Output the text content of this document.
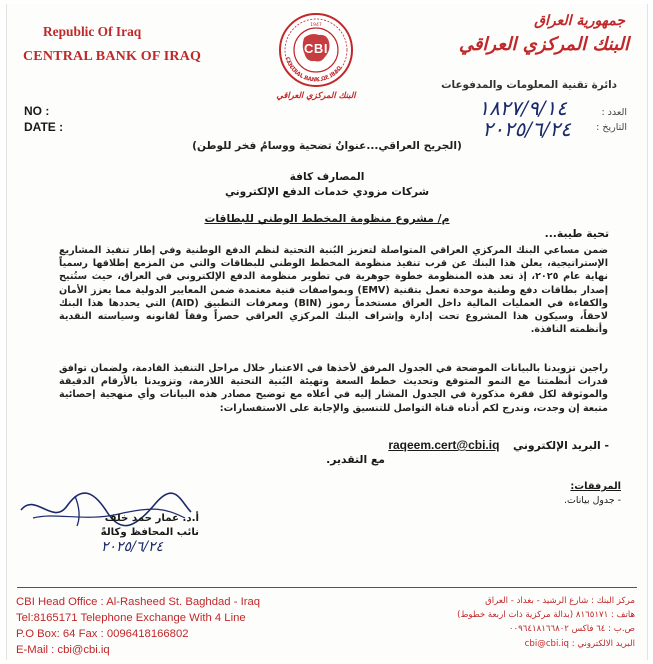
Republic Of Iraq
CENTRAL BANK OF IRAQ
جمهورية العراق
البنك المركزي العراقي
دائرة تقنية المعلومات والمدفوعات
CENTRAL BANK OF IRAQ
1947
CBI
البنك المركزي العراقي
NO :
DATE :
العدد :
التاريخ :
١٨٢٧/٩/١٤
٢٠٢٥/٦/٢٤
(الجريح العراقي...عنوانُ تضحية ووسامُ فخر للوطن)
المصارف كافة
شركات مزودي خدمات الدفع الإلكتروني
م/ مشروع منظومة المخطط الوطني للبطاقات
تحية طيبة...
ضمن مساعي البنك المركزي العراقي المتواصلة لتعزيز البُنية التحتية لنظم الدفع الوطنية وفي إطار تنفيذ المشاريع الإستراتيجية، يعلن هذا البنك عن قرب تنفيذ منظومة المخطط الوطني للبطاقات والتي من المزمع إطلاقها رسمياً نهاية عام ٢٠٢٥، إذ تعد هذه المنظومة خطوة جوهرية في تطوير منظومة الدفع الإلكتروني في العراق، حيث ستُتيح إصدار بطاقات دفع وطنية موحدة تعمل بتقنية (EMV) وبمواصفات فنية معتمدة ضمن المعايير الدولية مما يعزز الأمان والكفاءة في العمليات المالية داخل العراق مستخدماً رموز (BIN) ومعرفات التطبيق (AID) التي يحددها هذا البنك لاحقاً، وسيكون هذا المشروع تحت إدارة وإشراف البنك المركزي العراقي حصراً وفقاً لقانونه وسياسته النقدية وأنظمته النافذة.
راجين تزويدنا بالبيانات الموضحة في الجدول المرفق لأخذها في الاعتبار خلال مراحل التنفيذ القادمة، ولضمان توافق قدرات أنظمتنا مع النمو المتوقع وتحديث خطط السعة وتهيئة البُنية التحتية اللازمة، وتزويدنا بالأرقام الدقيقة والموثوقة لكل فقرة مذكورة في الجدول المشار إليه في أعلاه مع توضيح مصادر هذه البيانات وأي منهجية إحصائية متبعة إن وجدت، وندرج لكم أدناه قناة التواصل للتنسيق والإجابة على الاستفسارات:
- البريد الإلكتروني  raqeem.cert@cbi.iq
مع التقدير.
المرفقات:
- جدول بيانات.
أ.د. عمار حمد خلف
نائب المحافظ وكالةً
٢٠٢٥/٦/٢٤
CBI Head Office : Al-Rasheed St. Baghdad - Iraq
Tel:8165171 Telephone Exchange With 4 Line
P.O Box: 64 Fax : 0096418166802
E-Mail : cbi@cbi.iq
مركز البنك : شارع الرشيد - بغداد - العراق
هاتف : ٨١٦٥١٧١ (بدالة مركزية ذات اربعة خطوط)
ص.ب : ٦٤ فاكس ٠٠٩٦٤١٨١٦٦٨٠٢
البريد الالكتروني : cbi@cbi.iq
